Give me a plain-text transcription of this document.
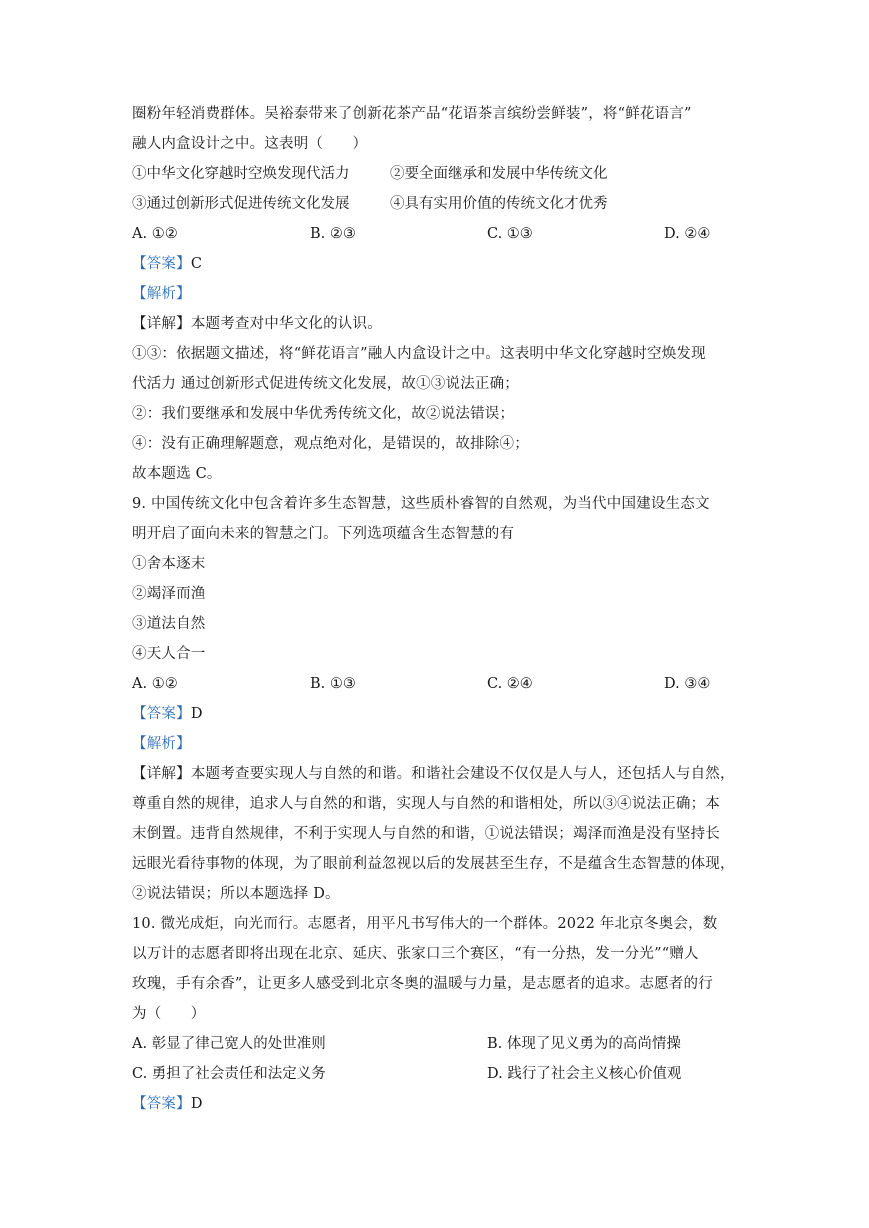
圈粉年轻消费群体。吴裕泰带来了创新花茶产品“花语茶言缤纷尝鲜装”，将“鲜花语言”
融人内盒设计之中。这表明（　　）
①中华文化穿越时空焕发现代活力	②要全面继承和发展中华传统文化
③通过创新形式促进传统文化发展	④具有实用价值的传统文化才优秀
A. ①②	B. ②③	C. ①③	D. ②④
【答案】C
【解析】
【详解】本题考查对中华文化的认识。
①③：依据题文描述，将“鲜花语言”融人内盒设计之中。这表明中华文化穿越时空焕发现
代活力 通过创新形式促进传统文化发展，故①③说法正确；
②：我们要继承和发展中华优秀传统文化，故②说法错误；
④：没有正确理解题意，观点绝对化，是错误的，故排除④；
故本题选 C。
9. 中国传统文化中包含着许多生态智慧，这些质朴睿智的自然观，为当代中国建设生态文
明开启了面向未来的智慧之门。下列选项蕴含生态智慧的有
①舍本逐末
②竭泽而渔
③道法自然
④天人合一
A. ①②	B. ①③	C. ②④	D. ③④
【答案】D
【解析】
【详解】本题考查要实现人与自然的和谐。和谐社会建设不仅仅是人与人，还包括人与自然，
尊重自然的规律，追求人与自然的和谐，实现人与自然的和谐相处，所以③④说法正确；本
末倒置。违背自然规律，不利于实现人与自然的和谐，①说法错误；竭泽而渔是没有坚持长
远眼光看待事物的体现，为了眼前利益忽视以后的发展甚至生存，不是蕴含生态智慧的体现，
②说法错误；所以本题选择 D。
10. 微光成炬，向光而行。志愿者，用平凡书写伟大的一个群体。2022 年北京冬奥会，数
以万计的志愿者即将出现在北京、延庆、张家口三个赛区，“有一分热，发一分光”“赠人
玫瑰，手有余香”，让更多人感受到北京冬奥的温暖与力量，是志愿者的追求。志愿者的行
为（　　）
A. 彰显了律己宽人的处世准则	B. 体现了见义勇为的高尚情操
C. 勇担了社会责任和法定义务	D. 践行了社会主义核心价值观
【答案】D
